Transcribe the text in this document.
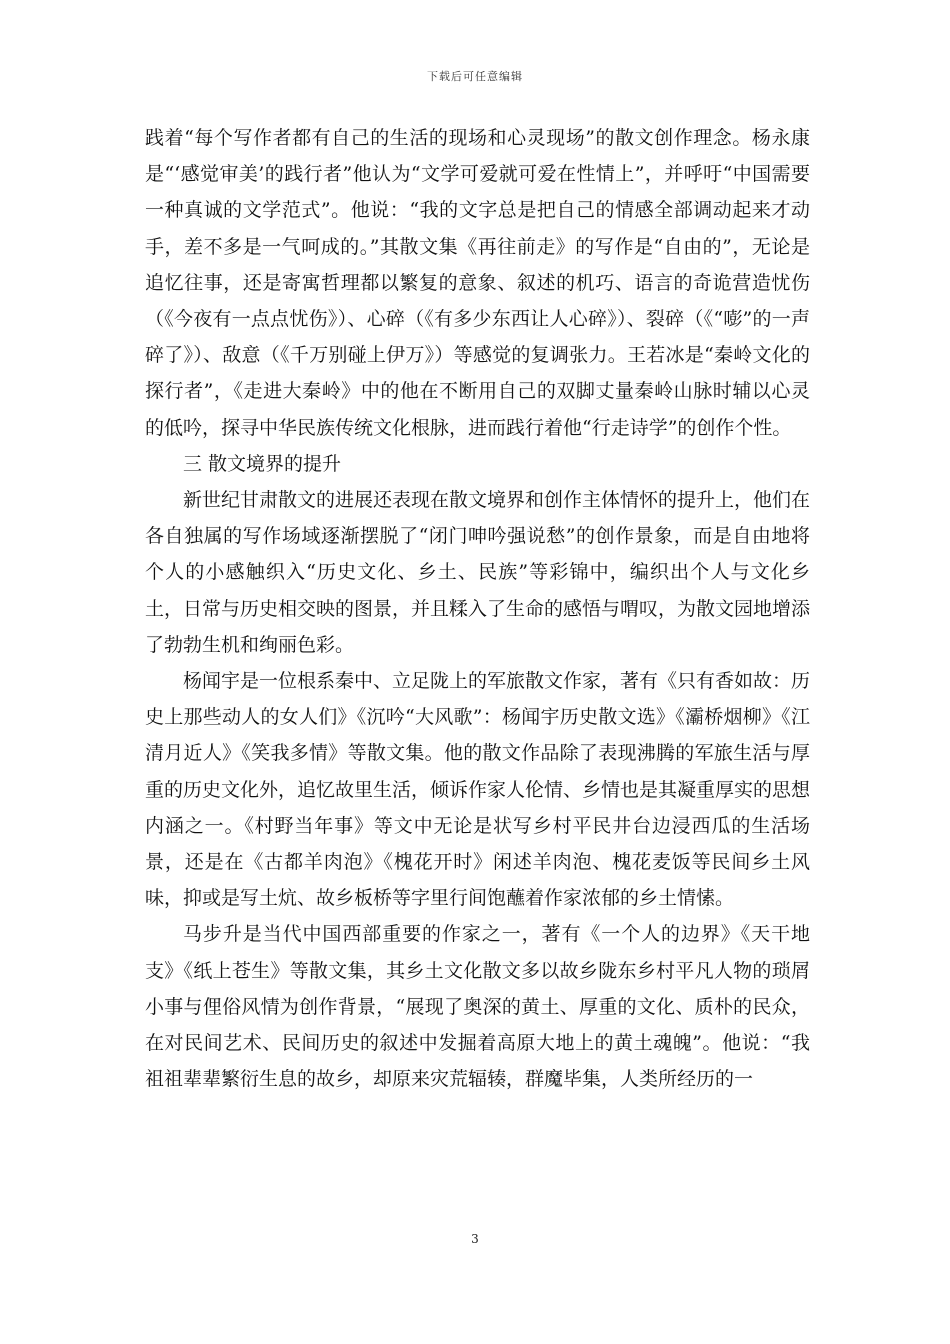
下载后可任意编辑

践着“每个写作者都有自己的生活的现场和心灵现场”的散文创作理念。杨永康是“‘感觉审美’的践行者”他认为“文学可爱就可爱在性情上”，并呼吁“中国需要一种真诚的文学范式”。他说：“我的文字总是把自己的情感全部调动起来才动手，差不多是一气呵成的。”其散文集《再往前走》的写作是“自由的”，无论是追忆往事，还是寄寓哲理都以繁复的意象、叙述的机巧、语言的奇诡营造忧伤（《今夜有一点点忧伤》）、心碎（《有多少东西让人心碎》）、裂碎（《“嘭”的一声碎了》）、敌意（《千万别碰上伊万》）等感觉的复调张力。王若冰是“秦岭文化的探行者”，《走进大秦岭》中的他在不断用自己的双脚丈量秦岭山脉时辅以心灵的低吟，探寻中华民族传统文化根脉，进而践行着他“行走诗学”的创作个性。

三 散文境界的提升

新世纪甘肃散文的进展还表现在散文境界和创作主体情怀的提升上，他们在各自独属的写作场域逐渐摆脱了“闭门呻吟强说愁”的创作景象，而是自由地将个人的小感触织入“历史文化、乡土、民族”等彩锦中，编织出个人与文化乡土，日常与历史相交映的图景，并且糅入了生命的感悟与喟叹，为散文园地增添了勃勃生机和绚丽色彩。

杨闻宇是一位根系秦中、立足陇上的军旅散文作家，著有《只有香如故：历史上那些动人的女人们》《沉吟“大风歌”：杨闻宇历史散文选》《灞桥烟柳》《江清月近人》《笑我多情》等散文集。他的散文作品除了表现沸腾的军旅生活与厚重的历史文化外，追忆故里生活，倾诉作家人伦情、乡情也是其凝重厚实的思想内涵之一。《村野当年事》等文中无论是状写乡村平民井台边浸西瓜的生活场景，还是在《古都羊肉泡》《槐花开时》闲述羊肉泡、槐花麦饭等民间乡土风味，抑或是写土炕、故乡板桥等字里行间饱蘸着作家浓郁的乡土情愫。

马步升是当代中国西部重要的作家之一，著有《一个人的边界》《天干地支》《纸上苍生》等散文集，其乡土文化散文多以故乡陇东乡村平凡人物的琐屑小事与俚俗风情为创作背景，“展现了奥深的黄土、厚重的文化、质朴的民众，在对民间艺术、民间历史的叙述中发掘着高原大地上的黄土魂魄”。他说：“我祖祖辈辈繁衍生息的故乡，却原来灾荒辐辏，群魔毕集，人类所经历的一

3
